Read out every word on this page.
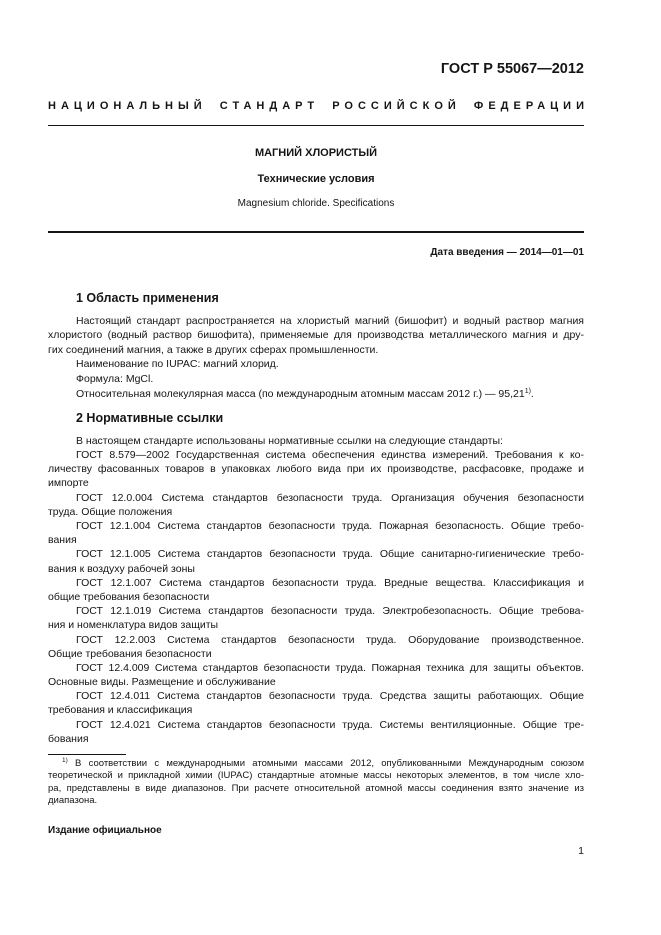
ГОСТ Р 55067—2012
НАЦИОНАЛЬНЫЙ СТАНДАРТ РОССИЙСКОЙ ФЕДЕРАЦИИ
МАГНИЙ ХЛОРИСТЫЙ
Технические условия
Magnesium chloride. Specifications
Дата введения — 2014—01—01
1 Область применения
Настоящий стандарт распространяется на хлористый магний (бишофит) и водный раствор магния
хлористого (водный раствор бишофита), применяемые для производства металлического магния и дру-
гих соединений магния, а также в других сферах промышленности.
Наименование по IUPAC: магний хлорид.
Формула: MgCl.
Относительная молекулярная масса (по международным атомным массам 2012 г.) — 95,21$^{1)}$.
2 Нормативные ссылки
В настоящем стандарте использованы нормативные ссылки на следующие стандарты:
ГОСТ 8.579—2002 Государственная система обеспечения единства измерений. Требования к ко-
личеству фасованных товаров в упаковках любого вида при их производстве, расфасовке, продаже и
импорте
ГОСТ 12.0.004 Система стандартов безопасности труда. Организация обучения безопасности
труда. Общие положения
ГОСТ 12.1.004 Система стандартов безопасности труда. Пожарная безопасность. Общие требо-
вания
ГОСТ 12.1.005 Система стандартов безопасности труда. Общие санитарно-гигиенические требо-
вания к воздуху рабочей зоны
ГОСТ 12.1.007 Система стандартов безопасности труда. Вредные вещества. Классификация и
общие требования безопасности
ГОСТ 12.1.019 Система стандартов безопасности труда. Электробезопасность. Общие требова-
ния и номенклатура видов защиты
ГОСТ 12.2.003 Система стандартов безопасности труда. Оборудование производственное.
Общие требования безопасности
ГОСТ 12.4.009 Система стандартов безопасности труда. Пожарная техника для защиты объектов.
Основные виды. Размещение и обслуживание
ГОСТ 12.4.011 Система стандартов безопасности труда. Средства защиты работающих. Общие
требования и классификация
ГОСТ 12.4.021 Система стандартов безопасности труда. Системы вентиляционные. Общие тре-
бования
$^{1)}$ В соответствии с международными атомными массами 2012, опубликованными Международным союзом
теоретической и прикладной химии (IUPAC) стандартные атомные массы некоторых элементов, в том числе хло-
ра, представлены в виде диапазонов. При расчете относительной атомной массы соединения взято значение из
диапазона.
Издание официальное
1
